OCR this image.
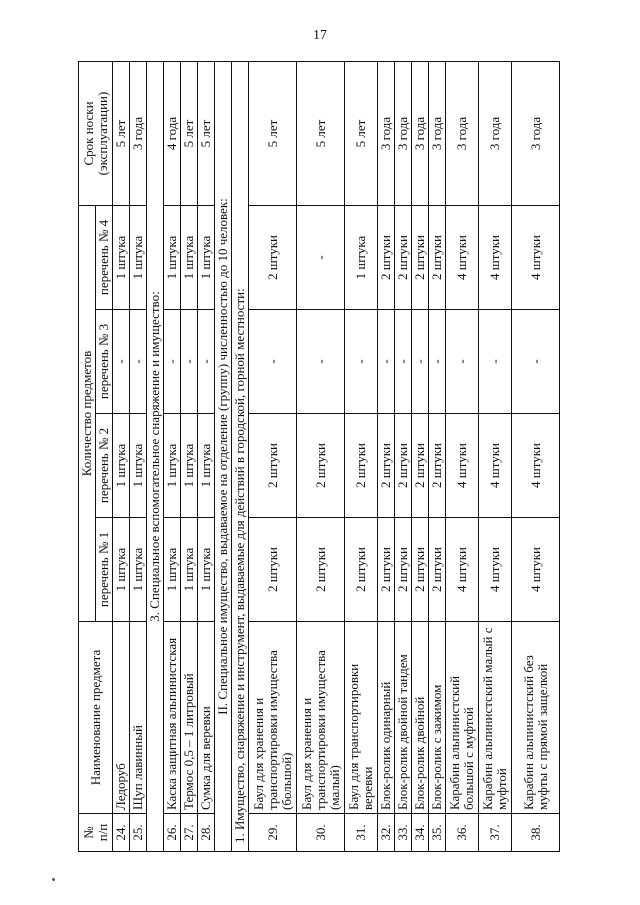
17
№
п/п	Наименование предмета	Количество предметов				Срок носки
(эксплуатации)
		перечень № 1	перечень № 2	перечень № 3	перечень № 4	
24.	Ледоруб	1 штука	1 штука	-	1 штука	5 лет
25.	Щуп лавинный	1 штука	1 штука	-	1 штука	3 года
3. Специальное вспомогательное снаряжение и имущество:						
26.	Каска защитная альпинистская	1 штука	1 штука	-	1 штука	4 года
27.	Термос 0,5 – 1 литровый	1 штука	1 штука	-	1 штука	5 лет
28.	Сумка для веревки	1 штука	1 штука	-	1 штука	5 лет
II. Специальное имущество, выдаваемое на отделение (группу) численностью до 10 человек:						
1. Имущество, снаряжение и инструмент, выдаваемые для действий в городской, горной местности:						
29.	Баул для хранения и транспортировки имущества (большой)	2 штуки	2 штуки	-	2 штуки	5 лет
30.	Баул для хранения и транспортировки имущества (малый)	2 штуки	2 штуки	-	-	5 лет
31.	Баул для транспортировки веревки	2 штуки	2 штуки	-	1 штука	5 лет
32.	Блок-ролик одинарный	2 штуки	2 штуки	-	2 штуки	3 года
33.	Блок-ролик двойной тандем	2 штуки	2 штуки	-	2 штуки	3 года
34.	Блок-ролик двойной	2 штуки	2 штуки	-	2 штуки	3 года
35.	Блок-ролик с зажимом	2 штуки	2 штуки	-	2 штуки	3 года
36.	Карабин альпинистский большой с муфтой	4 штуки	4 штуки	-	4 штуки	3 года
37.	Карабин альпинистский малый с муфтой	4 штуки	4 штуки	-	4 штуки	3 года
38.	Карабин альпинистский без муфты с прямой защелкой	4 штуки	4 штуки	-	4 штуки	3 года
